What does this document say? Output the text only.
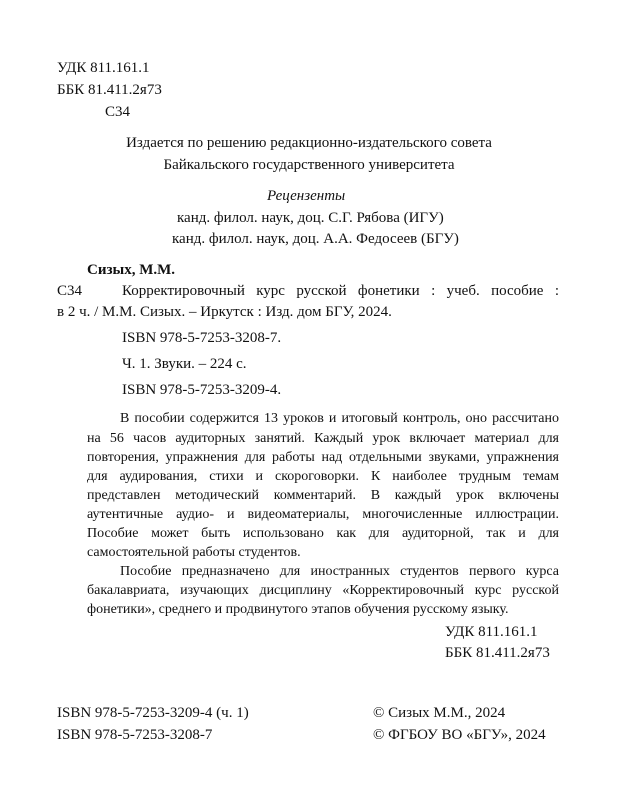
УДК 811.161.1
ББК 81.411.2я73
С34
Издается по решению редакционно-издательского совета
Байкальского государственного университета
Рецензенты
канд. филол. наук, доц. С.Г. Рябова (ИГУ)
канд. филол. наук, доц. А.А. Федосеев (БГУ)
Сизых, М.М.
С34	Корректировочный курс русской фонетики : учеб. пособие :
в 2 ч. / М.М. Сизых. – Иркутск : Изд. дом БГУ, 2024.
ISBN 978-5-7253-3208-7.
Ч. 1. Звуки. – 224 с.
ISBN 978-5-7253-3209-4.
В пособии содержится 13 уроков и итоговый контроль, оно рассчитано
на 56 часов аудиторных занятий. Каждый урок включает материал для
повторения, упражнения для работы над отдельными звуками, упражнения
для аудирования, стихи и скороговорки. К наиболее трудным темам
представлен методический комментарий. В каждый урок включены
аутентичные аудио- и видеоматериалы, многочисленные иллюстрации.
Пособие может быть использовано как для аудиторной, так и для
самостоятельной работы студентов.
Пособие предназначено для иностранных студентов первого курса
бакалавриата, изучающих дисциплину «Корректировочный курс русской
фонетики», среднего и продвинутого этапов обучения русскому языку.
УДК 811.161.1
ББК 81.411.2я73
ISBN 978-5-7253-3209-4 (ч. 1)
ISBN 978-5-7253-3208-7
© Сизых М.М., 2024
© ФГБОУ ВО «БГУ», 2024
